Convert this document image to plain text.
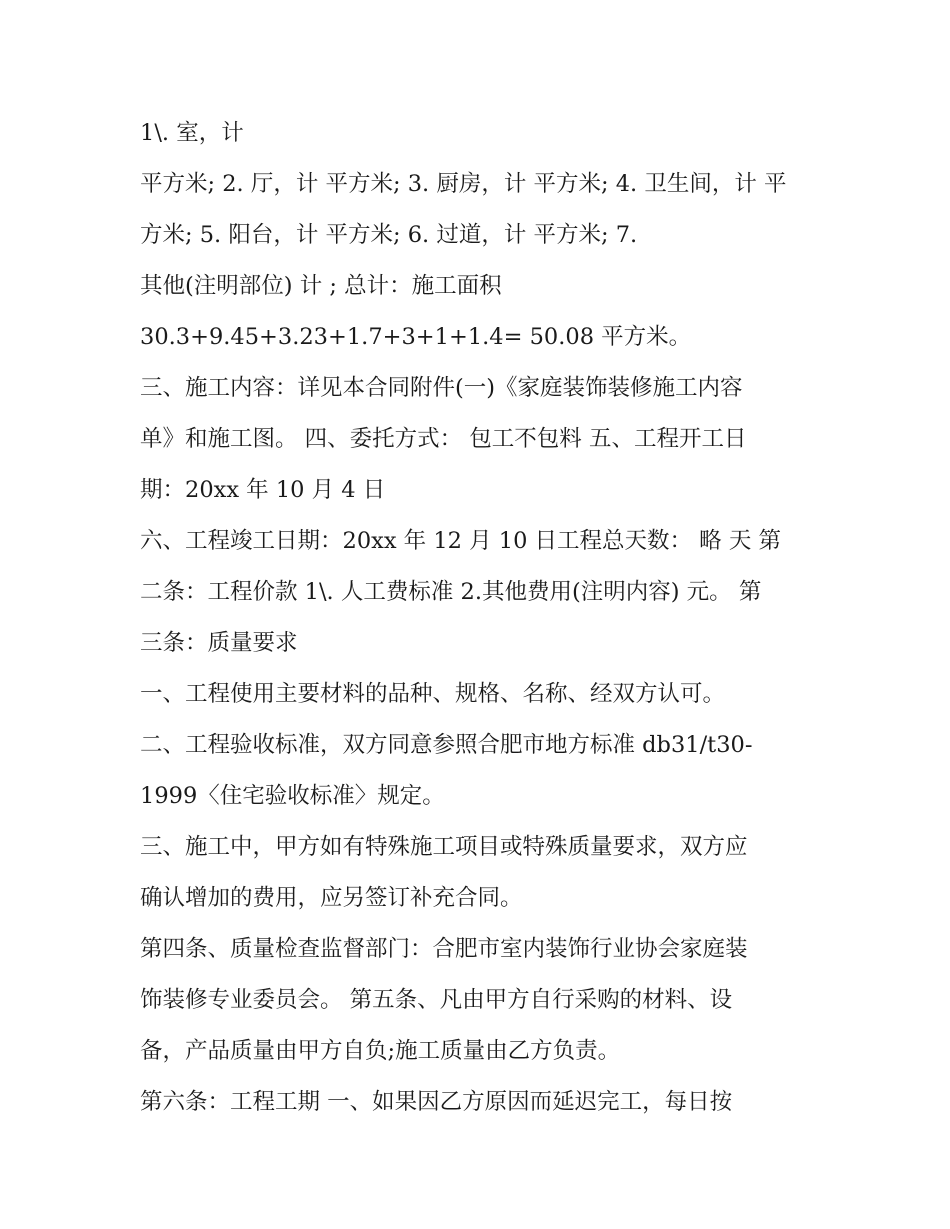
1\. 室，计
平方米; 2. 厅，计 平方米; 3. 厨房，计 平方米; 4. 卫生间，计 平
方米; 5. 阳台，计 平方米; 6. 过道，计 平方米; 7.
其他(注明部位) 计 ; 总计：施工面积
30.3+9.45+3.23+1.7+3+1+1.4= 50.08 平方米。
三、施工内容：详见本合同附件(一)《家庭装饰装修施工内容
单》和施工图。 四、委托方式： 包工不包料 五、工程开工日
期：20xx 年 10 月 4 日
六、工程竣工日期：20xx 年 12 月 10 日工程总天数： 略 天 第
二条：工程价款 1\. 人工费标准 2.其他费用(注明内容) 元。 第
三条：质量要求
一、工程使用主要材料的品种、规格、名称、经双方认可。
二、工程验收标准，双方同意参照合肥市地方标准 db31/t30-
1999〈住宅验收标准〉规定。
三、施工中，甲方如有特殊施工项目或特殊质量要求，双方应
确认增加的费用，应另签订补充合同。
第四条、质量检查监督部门：合肥市室内装饰行业协会家庭装
饰装修专业委员会。 第五条、凡由甲方自行采购的材料、设
备，产品质量由甲方自负;施工质量由乙方负责。
第六条：工程工期 一、如果因乙方原因而延迟完工，每日按
